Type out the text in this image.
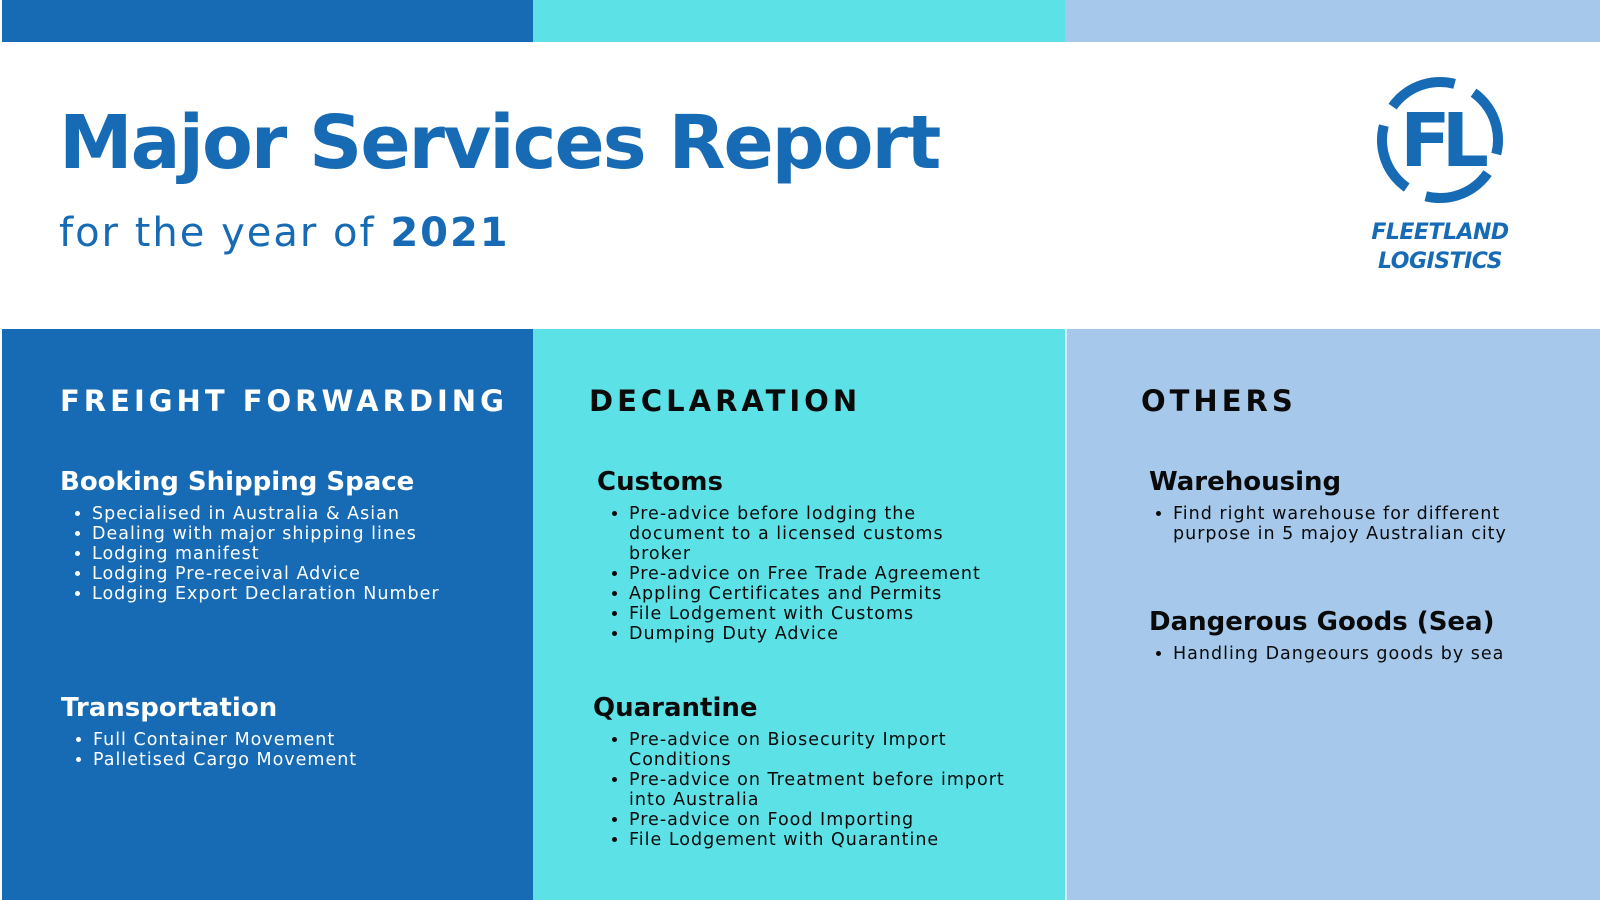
Major Services Report

for the year of 2021

FL
FLEETLAND
LOGISTICS
FREIGHT FORWARDING
Booking Shipping Space
• Specialised in Australia & Asian
• Dealing with major shipping lines
• Lodging manifest
• Lodging Pre-receival Advice
• Lodging Export Declaration Number
Transportation
• Full Container Movement
• Palletised Cargo Movement
DECLARATION
Customs
• Pre-advice before lodging the document to a licensed customs broker
• Pre-advice on Free Trade Agreement
• Appling Certificates and Permits
• File Lodgement with Customs
• Dumping Duty Advice
Quarantine
• Pre-advice on Biosecurity Import Conditions
• Pre-advice on Treatment before import into Australia
• Pre-advice on Food Importing
• File Lodgement with Quarantine
OTHERS
Warehousing
• Find right warehouse for different purpose in 5 majoy Australian city
Dangerous Goods (Sea)
• Handling Dangeours goods by sea
